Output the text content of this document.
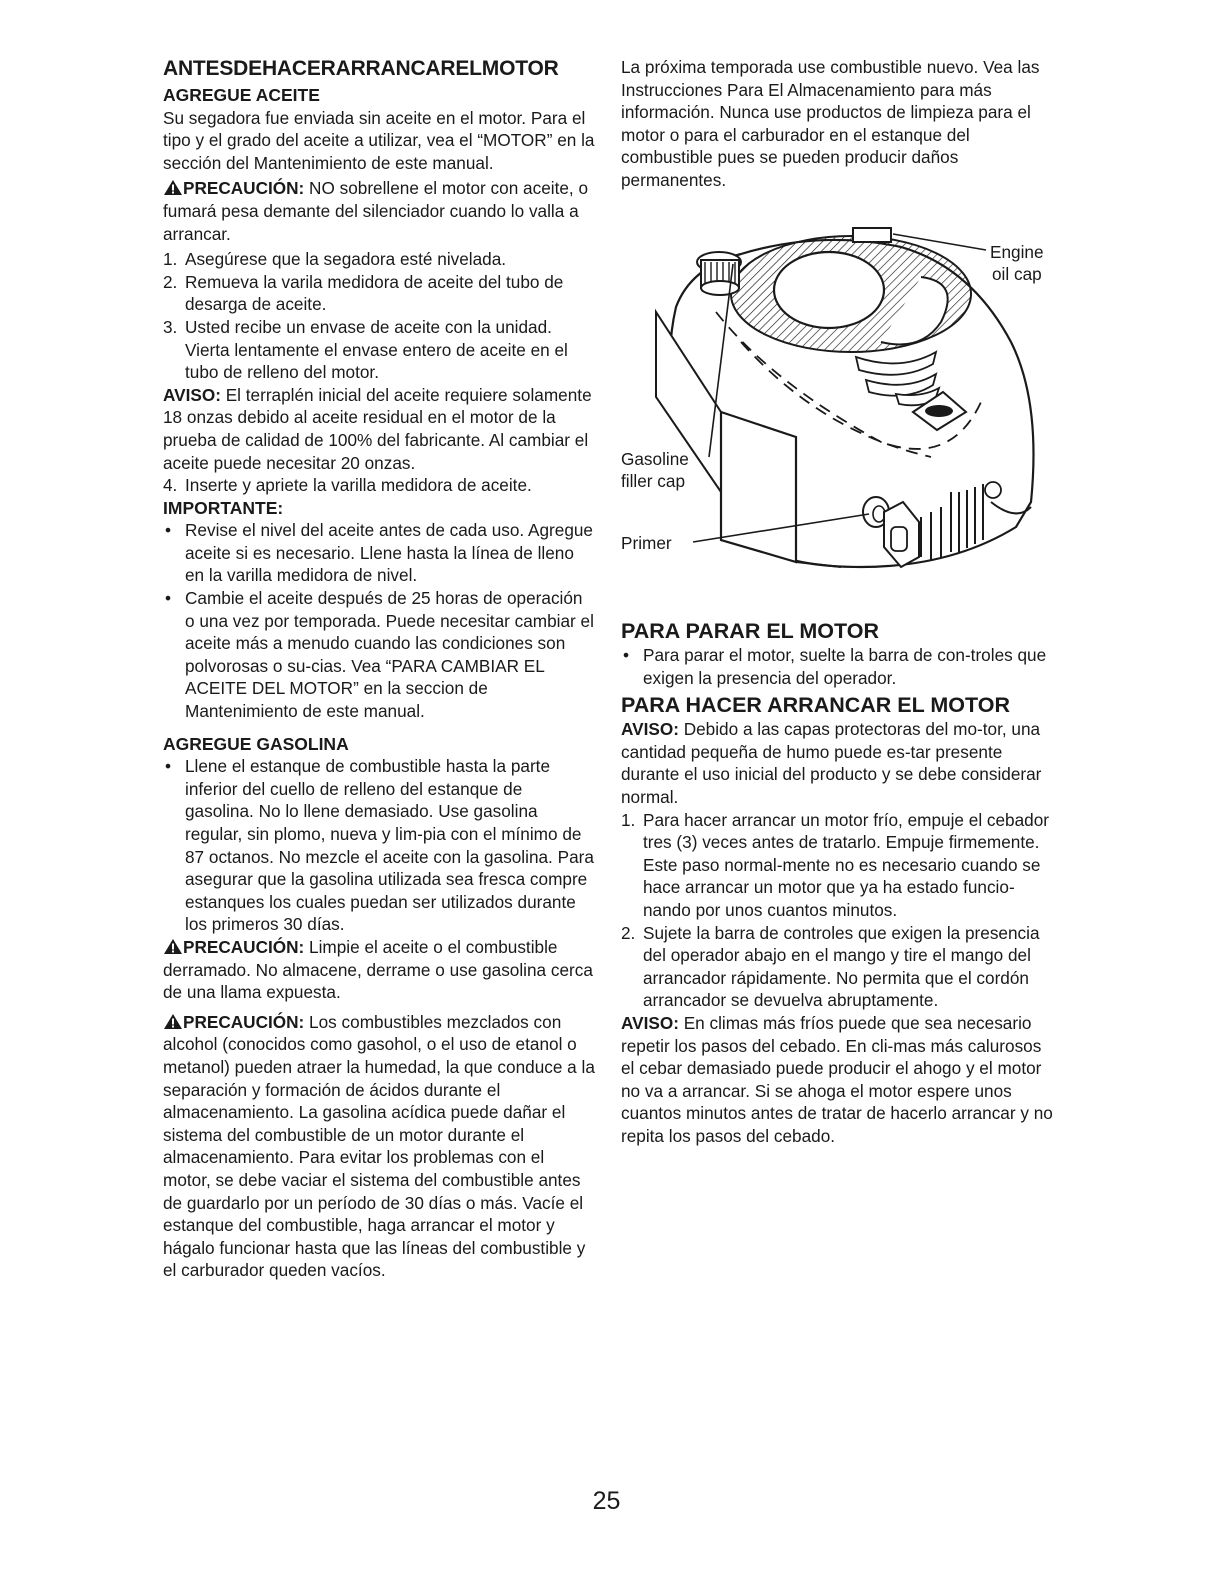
ANTESDEHACERARRANCARELMOTOR
AGREGUE ACEITE

Su segadora fue enviada sin aceite en el motor. Para el tipo y el grado del aceite a utilizar, vea el “MOTOR” en la sección del Mantenimiento de este manual.

PRECAUCIÓN: NO sobrellene el motor con aceite, o fumará pesa demante del silenciador cuando lo valla a arrancar.

1. Asegúrese que la segadora esté nivelada.
2. Remueva la varila medidora de aceite del tubo de desarga de aceite.
3. Usted recibe un envase de aceite con la unidad. Vierta lentamente el envase entero de aceite en el tubo de relleno del motor.

AVISO: El terraplén inicial del aceite requiere solamente 18 onzas debido al aceite residual en el motor de la prueba de calidad de 100% del fabricante. Al cambiar el aceite puede necesitar 20 onzas.

4. Inserte y apriete la varilla medidora de aceite.
IMPORTANTE:
• Revise el nivel del aceite antes de cada uso. Agregue aceite si es necesario. Llene hasta la línea de lleno en la varilla medidora de nivel.
• Cambie el aceite después de 25 horas de operación o una vez por temporada. Puede necesitar cambiar el aceite más a menudo cuando las condiciones son polvorosas o su-cias. Vea “PARA CAMBIAR EL ACEITE DEL MOTOR” en la seccion de Mantenimiento de este manual.
AGREGUE GASOLINA
• Llene el estanque de combustible hasta la parte inferior del cuello de relleno del estanque de gasolina. No lo llene demasiado. Use gasolina regular, sin plomo, nueva y lim-pia con el mínimo de 87 octanos. No mezcle el aceite con la gasolina. Para asegurar que la gasolina utilizada sea fresca compre estanques los cuales puedan ser utilizados durante los primeros 30 días.

PRECAUCIÓN: Limpie el aceite o el combustible derramado. No almacene, derrame o use gasolina cerca de una llama expuesta.

PRECAUCIÓN: Los combustibles mezclados con alcohol (conocidos como gasohol, o el uso de etanol o metanol) pueden atraer la humedad, la que conduce a la separación y formación de ácidos durante el almacenamiento. La gasolina acídica puede dañar el sistema del combustible de un motor durante el almacenamiento. Para evitar los problemas con el motor, se debe vaciar el sistema del combustible antes de guardarlo por un período de 30 días o más. Vacíe el estanque del combustible, haga arrancar el motor y hágalo funcionar hasta que las líneas del combustible y el carburador queden vacíos.

La próxima temporada use combustible nuevo. Vea las Instrucciones Para El Almacenamiento para más información. Nunca use productos de limpieza para el motor o para el carburador en el estanque del combustible pues se pueden producir daños permanentes.

Engine
oil cap
Gasoline
filler cap
Primer
PARA PARAR EL MOTOR
• Para parar el motor, suelte la barra de con-troles que exigen la presencia del operador.
PARA HACER ARRANCAR EL MOTOR

AVISO: Debido a las capas protectoras del mo-tor, una cantidad pequeña de humo puede es-tar presente durante el uso inicial del producto y se debe considerar normal.

1. Para hacer arrancar un motor frío, empuje el cebador tres (3) veces antes de tratarlo. Empuje firmemente. Este paso normal-mente no es necesario cuando se hace arrancar un motor que ya ha estado funcio-nando por unos cuantos minutos.
2. Sujete la barra de controles que exigen la presencia del operador abajo en el mango y tire el mango del arrancador rápidamente. No permita que el cordón arrancador se devuelva abruptamente.

AVISO: En climas más fríos puede que sea necesario repetir los pasos del cebado. En cli-mas más calurosos el cebar demasiado puede producir el ahogo y el motor no va a arrancar. Si se ahoga el motor espere unos cuantos minutos antes de tratar de hacerlo arrancar y no repita los pasos del cebado.

25
